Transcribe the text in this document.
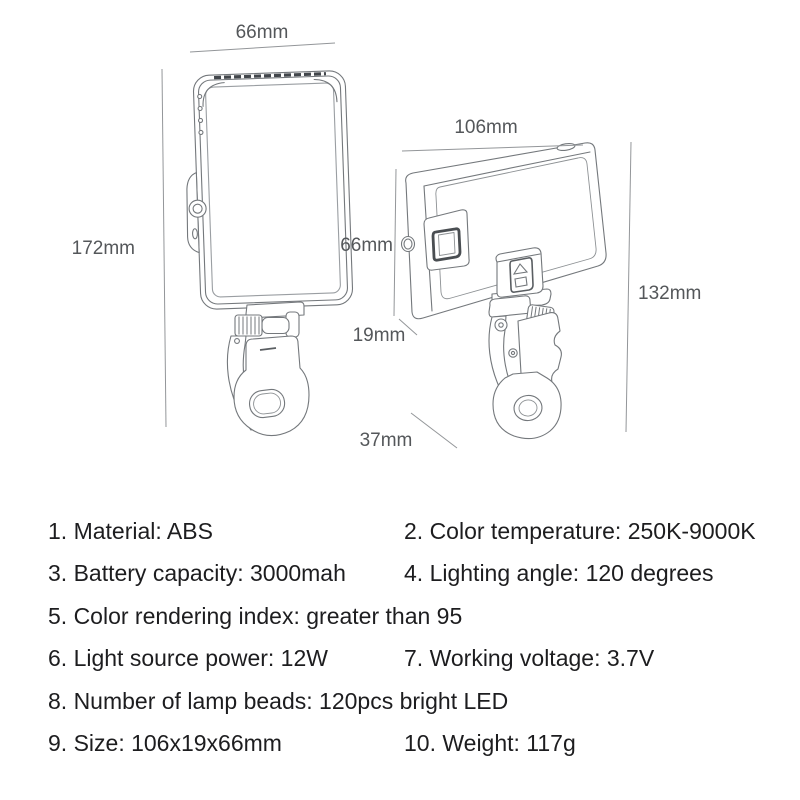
66mm
172mm
106mm
66mm
19mm
132mm
37mm
1. Material: ABS	2. Color temperature: 250K-9000K
3. Battery capacity: 3000mah	4. Lighting angle: 120 degrees
5. Color rendering index: greater than 95
6. Light source power: 12W	7. Working voltage: 3.7V
8. Number of lamp beads: 120pcs bright LED
9. Size: 106x19x66mm	10. Weight: 117g
